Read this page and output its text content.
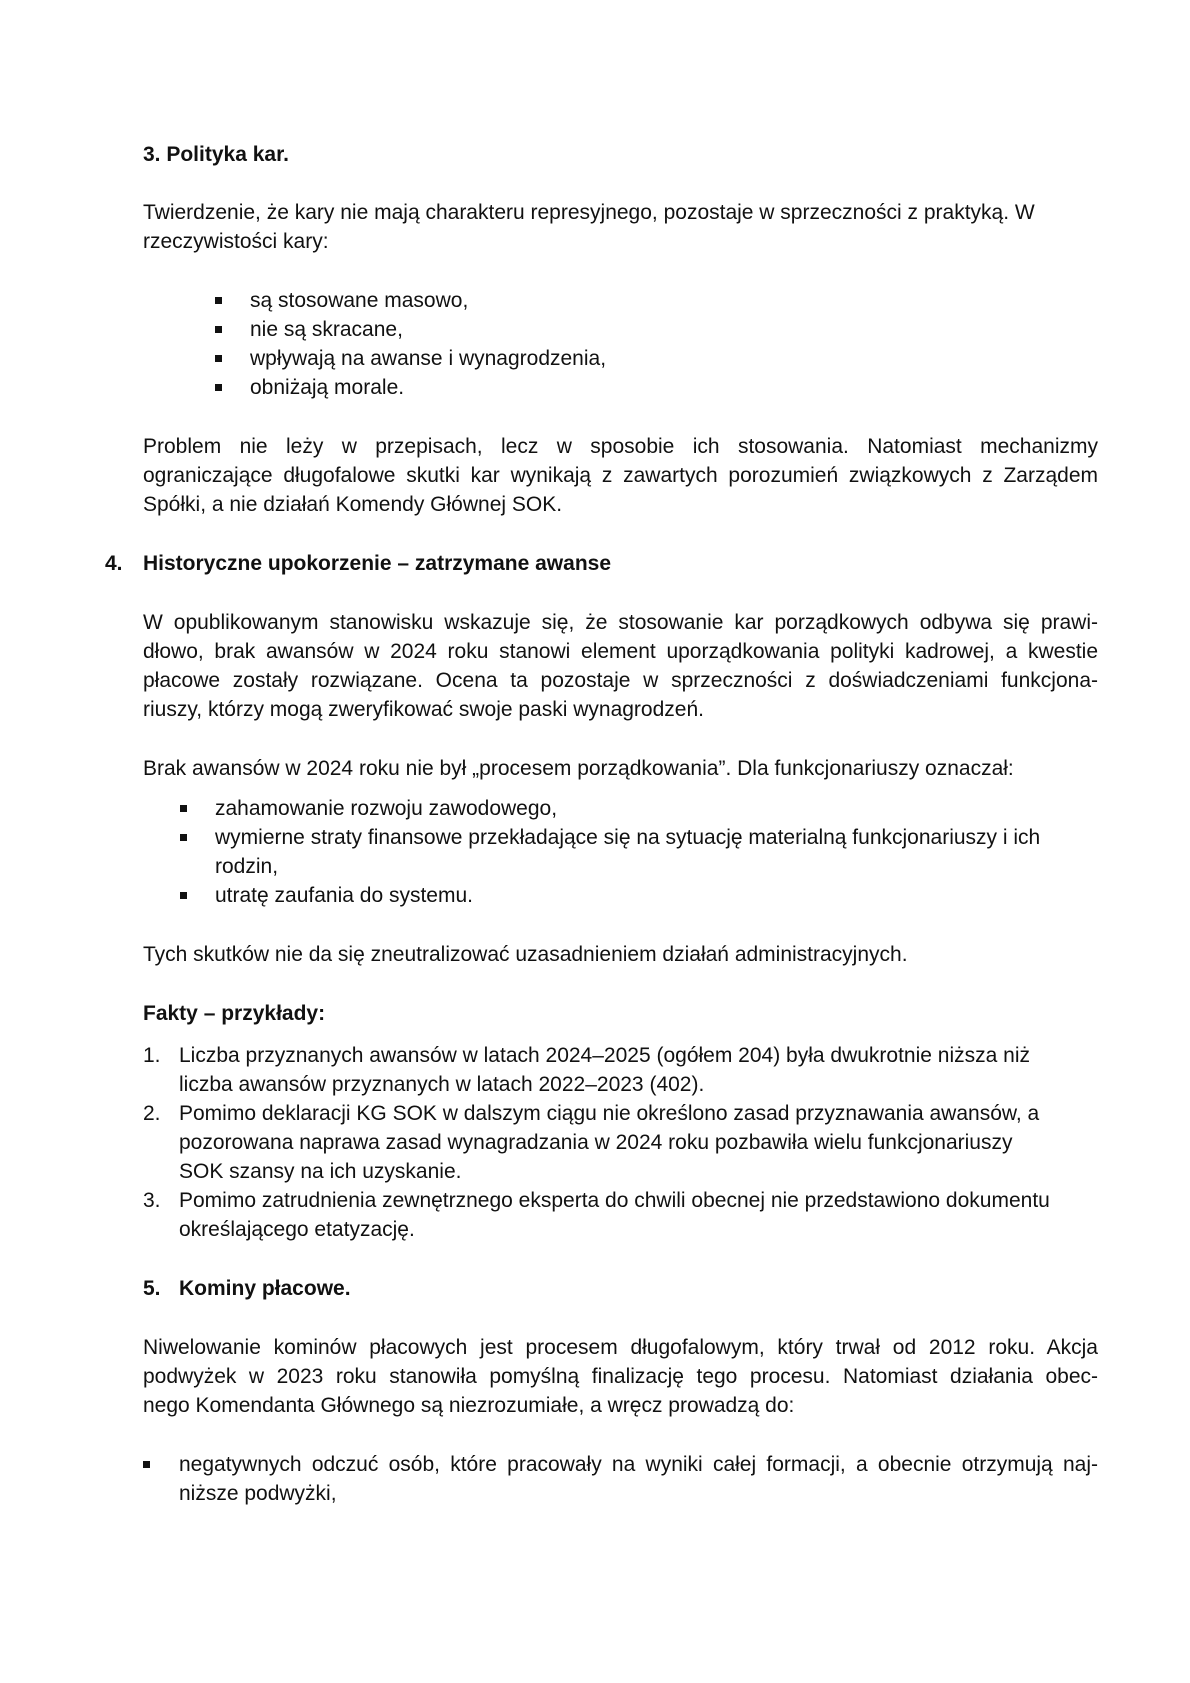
3. Polityka kar.
Twierdzenie, że kary nie mają charakteru represyjnego, pozostaje w sprzeczności z praktyką. W
rzeczywistości kary:
są stosowane masowo,
nie są skracane,
wpływają na awanse i wynagrodzenia,
obniżają morale.
Problem nie leży w przepisach, lecz w sposobie ich stosowania. Natomiast mechanizmy
ograniczające długofalowe skutki kar wynikają z zawartych porozumień związkowych z Zarządem
Spółki, a nie działań Komendy Głównej SOK.
4. Historyczne upokorzenie – zatrzymane awanse
W opublikowanym stanowisku wskazuje się, że stosowanie kar porządkowych odbywa się prawi-
dłowo, brak awansów w 2024 roku stanowi element uporządkowania polityki kadrowej, a kwestie
płacowe zostały rozwiązane. Ocena ta pozostaje w sprzeczności z doświadczeniami funkcjona-
riuszy, którzy mogą zweryfikować swoje paski wynagrodzeń.
Brak awansów w 2024 roku nie był „procesem porządkowania”. Dla funkcjonariuszy oznaczał:
zahamowanie rozwoju zawodowego,
wymierne straty finansowe przekładające się na sytuację materialną funkcjonariuszy i ich
rodzin,
utratę zaufania do systemu.
Tych skutków nie da się zneutralizować uzasadnieniem działań administracyjnych.
Fakty – przykłady:
1. Liczba przyznanych awansów w latach 2024–2025 (ogółem 204) była dwukrotnie niższa niż
liczba awansów przyznanych w latach 2022–2023 (402).
2. Pomimo deklaracji KG SOK w dalszym ciągu nie określono zasad przyznawania awansów, a
pozorowana naprawa zasad wynagradzania w 2024 roku pozbawiła wielu funkcjonariuszy
SOK szansy na ich uzyskanie.
3. Pomimo zatrudnienia zewnętrznego eksperta do chwili obecnej nie przedstawiono dokumentu
określającego etatyzację.
5. Kominy płacowe.
Niwelowanie kominów płacowych jest procesem długofalowym, który trwał od 2012 roku. Akcja
podwyżek w 2023 roku stanowiła pomyślną finalizację tego procesu. Natomiast działania obec-
nego Komendanta Głównego są niezrozumiałe, a wręcz prowadzą do:
negatywnych odczuć osób, które pracowały na wyniki całej formacji, a obecnie otrzymują naj-
niższe podwyżki,
